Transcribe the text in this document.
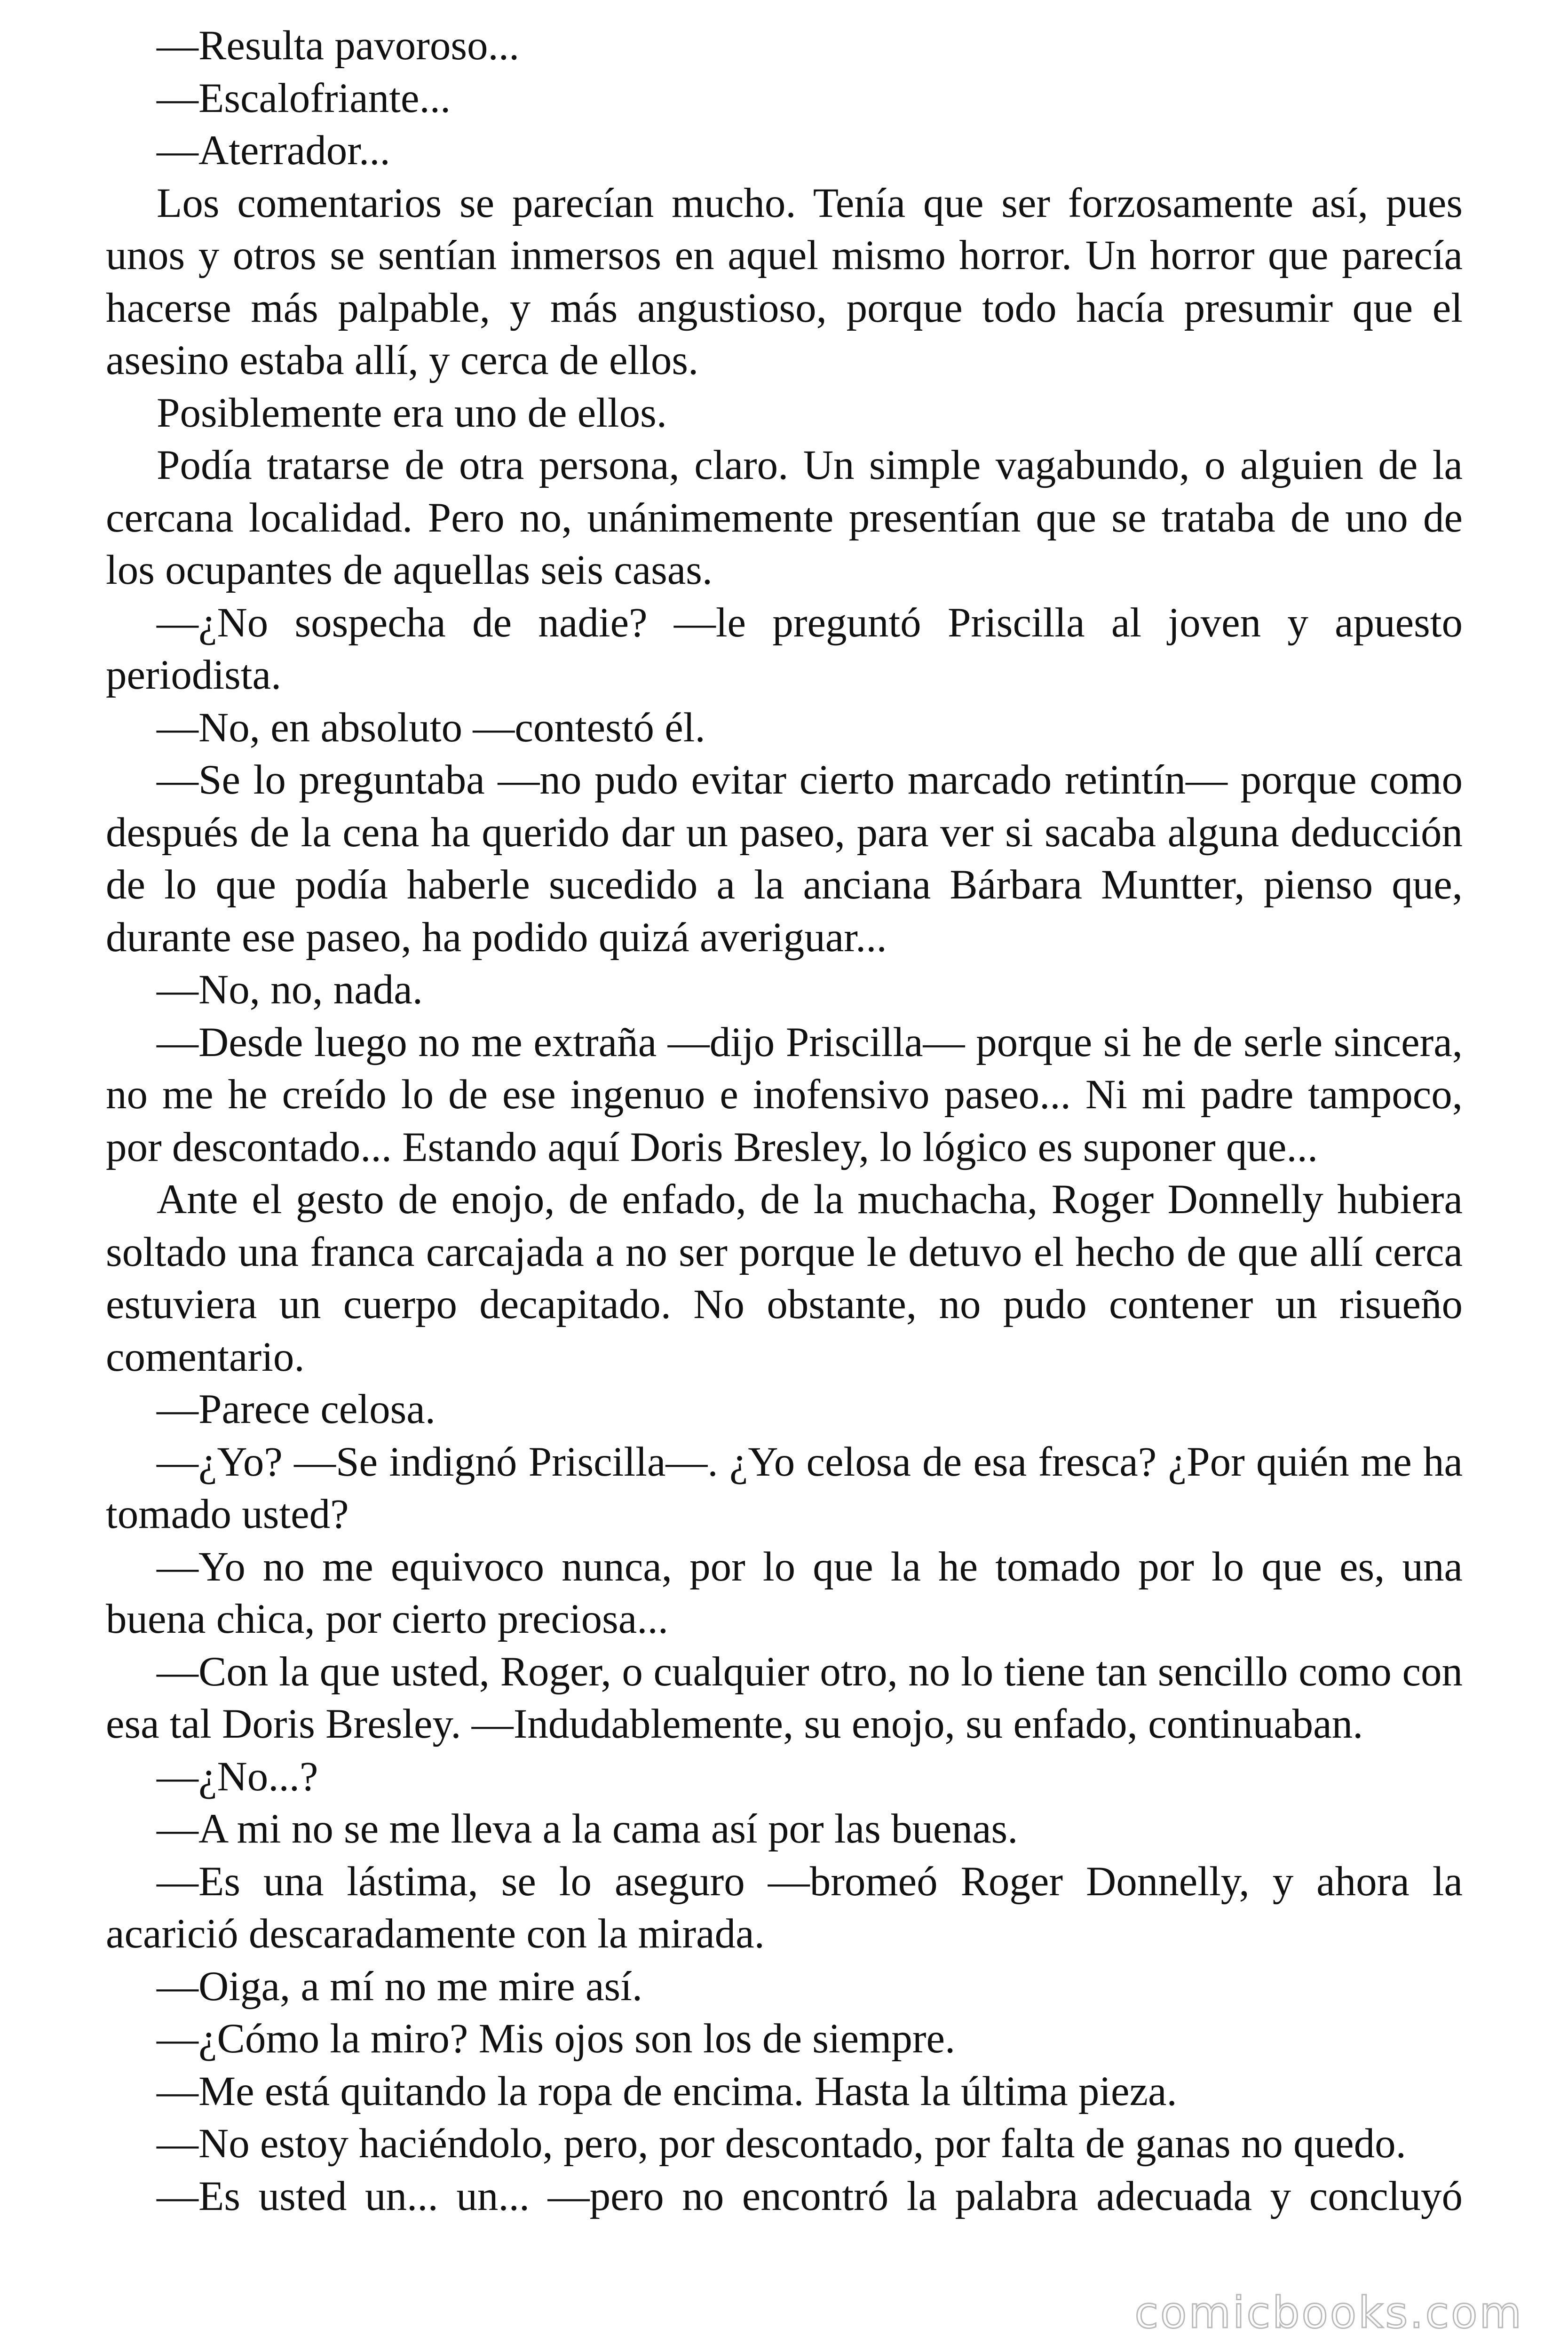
—Resulta pavoroso...

—Escalofriante...

—Aterrador...

Los comentarios se parecían mucho. Tenía que ser forzosamente así, pues unos y otros se sentían inmersos en aquel mismo horror. Un horror que parecía hacerse más palpable, y más angustioso, porque todo hacía presumir que el asesino estaba allí, y cerca de ellos.

Posiblemente era uno de ellos.

Podía tratarse de otra persona, claro. Un simple vagabundo, o alguien de la cercana localidad. Pero no, unánimemente presentían que se trataba de uno de los ocupantes de aquellas seis casas.

—¿No sospecha de nadie? —le preguntó Priscilla al joven y apuesto periodista.

—No, en absoluto —contestó él.

—Se lo preguntaba —no pudo evitar cierto marcado retintín— porque como después de la cena ha querido dar un paseo, para ver si sacaba alguna deducción de lo que podía haberle sucedido a la anciana Bárbara Muntter, pienso que, durante ese paseo, ha podido quizá averiguar...

—No, no, nada.

—Desde luego no me extraña —dijo Priscilla— porque si he de serle sincera, no me he creído lo de ese ingenuo e inofensivo paseo... Ni mi padre tampoco, por descontado... Estando aquí Doris Bresley, lo lógico es suponer que...

Ante el gesto de enojo, de enfado, de la muchacha, Roger Donnelly hubiera soltado una franca carcajada a no ser porque le detuvo el hecho de que allí cerca estuviera un cuerpo decapitado. No obstante, no pudo contener un risueño comentario.

—Parece celosa.

—¿Yo? —Se indignó Priscilla—. ¿Yo celosa de esa fresca? ¿Por quién me ha tomado usted?

—Yo no me equivoco nunca, por lo que la he tomado por lo que es, una buena chica, por cierto preciosa...

—Con la que usted, Roger, o cualquier otro, no lo tiene tan sencillo como con esa tal Doris Bresley. —Indudablemente, su enojo, su enfado, continuaban.

—¿No...?

—A mi no se me lleva a la cama así por las buenas.

—Es una lástima, se lo aseguro —bromeó Roger Donnelly, y ahora la acarició descaradamente con la mirada.

—Oiga, a mí no me mire así.

—¿Cómo la miro? Mis ojos son los de siempre.

—Me está quitando la ropa de encima. Hasta la última pieza.

—No estoy haciéndolo, pero, por descontado, por falta de ganas no quedo.

—Es usted un... un... —pero no encontró la palabra adecuada y concluyó

comicbooks.com
